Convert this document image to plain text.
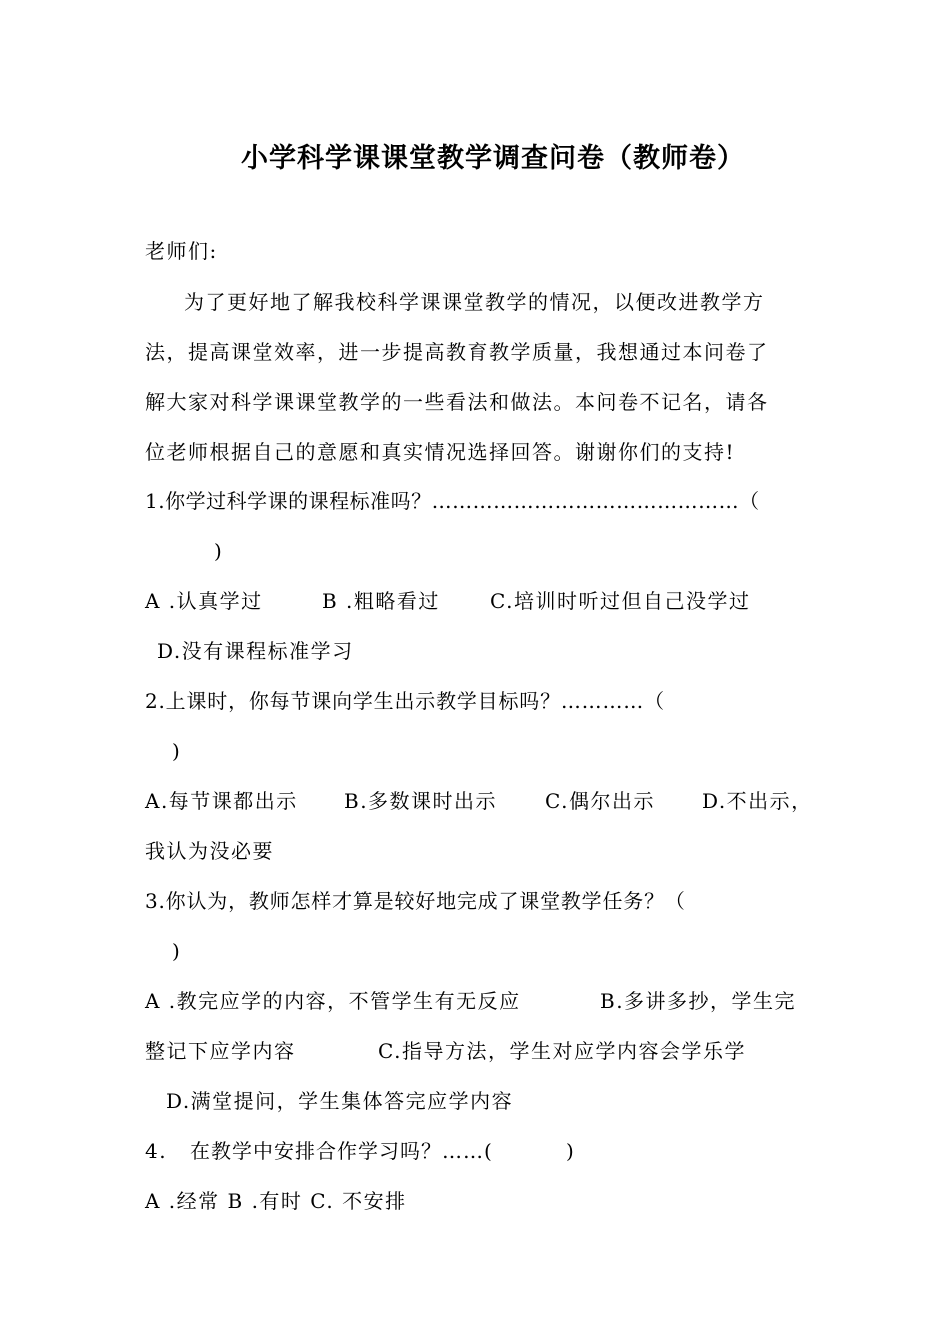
小学科学课课堂教学调查问卷（教师卷）
老师们:
为了更好地了解我校科学课课堂教学的情况，以便改进教学方
法，提高课堂效率，进一步提高教育教学质量，我想通过本问卷了
解大家对科学课课堂教学的一些看法和做法。本问卷不记名，请各
位老师根据自己的意愿和真实情况选择回答。谢谢你们的支持!
1.你学过科学课的课程标准吗？………………………………………（
)
A .认真学过	B .粗略看过	C.培训时听过但自己没学过
D.没有课程标准学习
2.上课时，你每节课向学生出示教学目标吗？…………（
)
A.每节课都出示 B.多数课时出示 C.偶尔出示 D.不出示，
我认为没必要
3.你认为，教师怎样才算是较好地完成了课堂教学任务？（
)
A .教完应学的内容，不管学生有无反应	B.多讲多抄，学生完
整记下应学内容	C.指导方法，学生对应学内容会学乐学
D.满堂提问，学生集体答完应学内容
4. 在教学中安排合作学习吗？……(	)
A .经常 B .有时 C. 不安排
